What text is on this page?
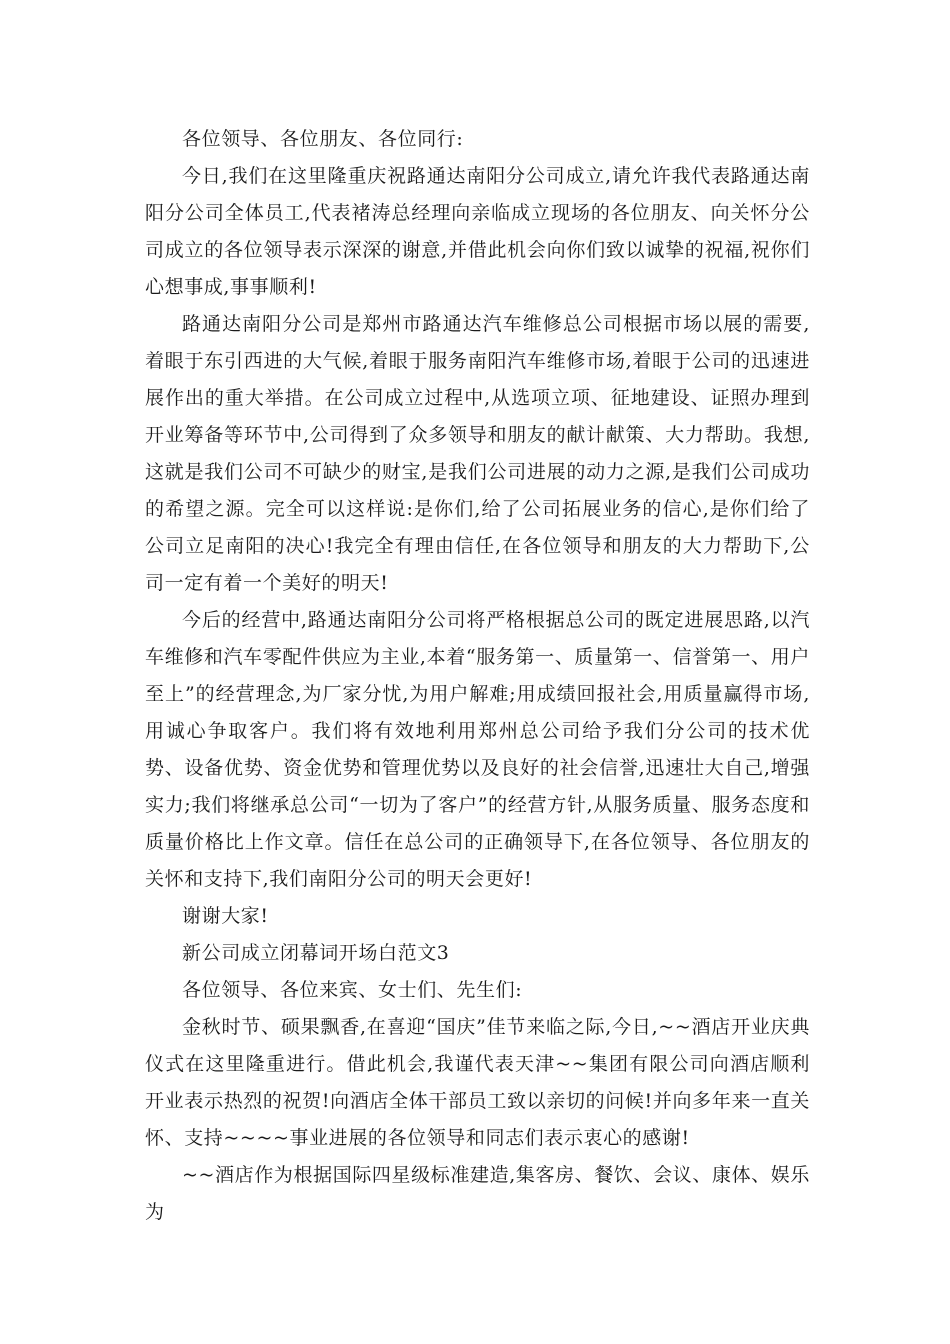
各位领导、各位朋友、各位同行:

今日,我们在这里隆重庆祝路通达南阳分公司成立,请允许我代表路通达南阳分公司全体员工,代表褚涛总经理向亲临成立现场的各位朋友、向关怀分公司成立的各位领导表示深深的谢意,并借此机会向你们致以诚挚的祝福,祝你们心想事成,事事顺利!

路通达南阳分公司是郑州市路通达汽车维修总公司根据市场以展的需要,着眼于东引西进的大气候,着眼于服务南阳汽车维修市场,着眼于公司的迅速进展作出的重大举措。在公司成立过程中,从选项立项、征地建设、证照办理到开业筹备等环节中,公司得到了众多领导和朋友的献计献策、大力帮助。我想,这就是我们公司不可缺少的财宝,是我们公司进展的动力之源,是我们公司成功的希望之源。完全可以这样说:是你们,给了公司拓展业务的信心,是你们给了公司立足南阳的决心!我完全有理由信任,在各位领导和朋友的大力帮助下,公司一定有着一个美好的明天!

今后的经营中,路通达南阳分公司将严格根据总公司的既定进展思路,以汽车维修和汽车零配件供应为主业,本着“服务第一、质量第一、信誉第一、用户至上”的经营理念,为厂家分忧,为用户解难;用成绩回报社会,用质量赢得市场,用诚心争取客户。我们将有效地利用郑州总公司给予我们分公司的技术优势、设备优势、资金优势和管理优势以及良好的社会信誉,迅速壮大自己,增强实力;我们将继承总公司“一切为了客户”的经营方针,从服务质量、服务态度和质量价格比上作文章。信任在总公司的正确领导下,在各位领导、各位朋友的关怀和支持下,我们南阳分公司的明天会更好!

谢谢大家!

新公司成立闭幕词开场白范文3

各位领导、各位来宾、女士们、先生们:

金秋时节、硕果飘香,在喜迎“国庆”佳节来临之际,今日,~~酒店开业庆典仪式在这里隆重进行。借此机会,我谨代表天津~~集团有限公司向酒店顺利开业表示热烈的祝贺!向酒店全体干部员工致以亲切的问候!并向多年来一直关怀、支持~~~~事业进展的各位领导和同志们表示衷心的感谢!

~~酒店作为根据国际四星级标准建造,集客房、餐饮、会议、康体、娱乐为
